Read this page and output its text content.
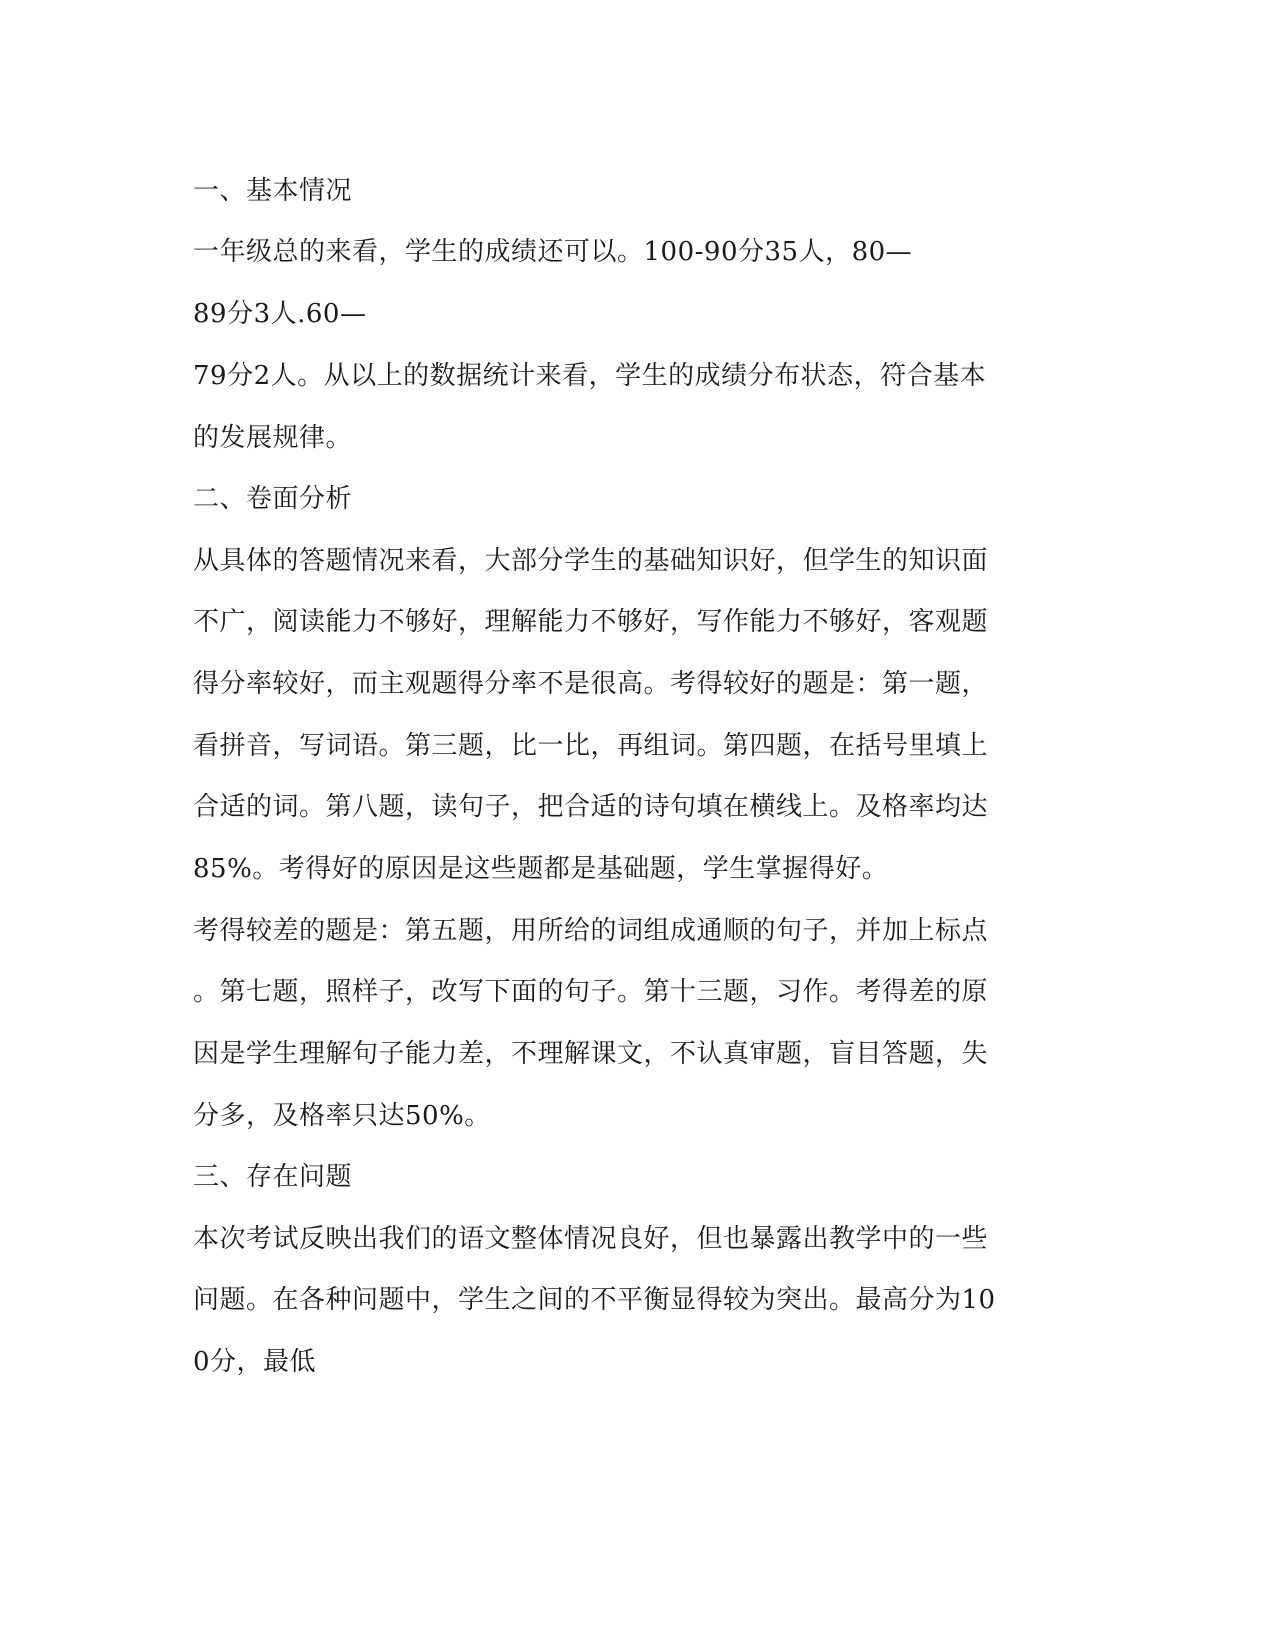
一、基本情况

一年级总的来看，学生的成绩还可以。100-90分35人，80—

89分3人.60—

79分2人。从以上的数据统计来看，学生的成绩分布状态，符合基本

的发展规律。

二、卷面分析

从具体的答题情况来看，大部分学生的基础知识好，但学生的知识面

不广，阅读能力不够好，理解能力不够好，写作能力不够好，客观题

得分率较好，而主观题得分率不是很高。考得较好的题是：第一题，

看拼音，写词语。第三题，比一比，再组词。第四题，在括号里填上

合适的词。第八题，读句子，把合适的诗句填在横线上。及格率均达

85%。考得好的原因是这些题都是基础题，学生掌握得好。

考得较差的题是：第五题，用所给的词组成通顺的句子，并加上标点

。第七题，照样子，改写下面的句子。第十三题，习作。考得差的原

因是学生理解句子能力差，不理解课文，不认真审题，盲目答题，失

分多，及格率只达50%。

三、存在问题

本次考试反映出我们的语文整体情况良好，但也暴露出教学中的一些

问题。在各种问题中，学生之间的不平衡显得较为突出。最高分为10

0分，最低
